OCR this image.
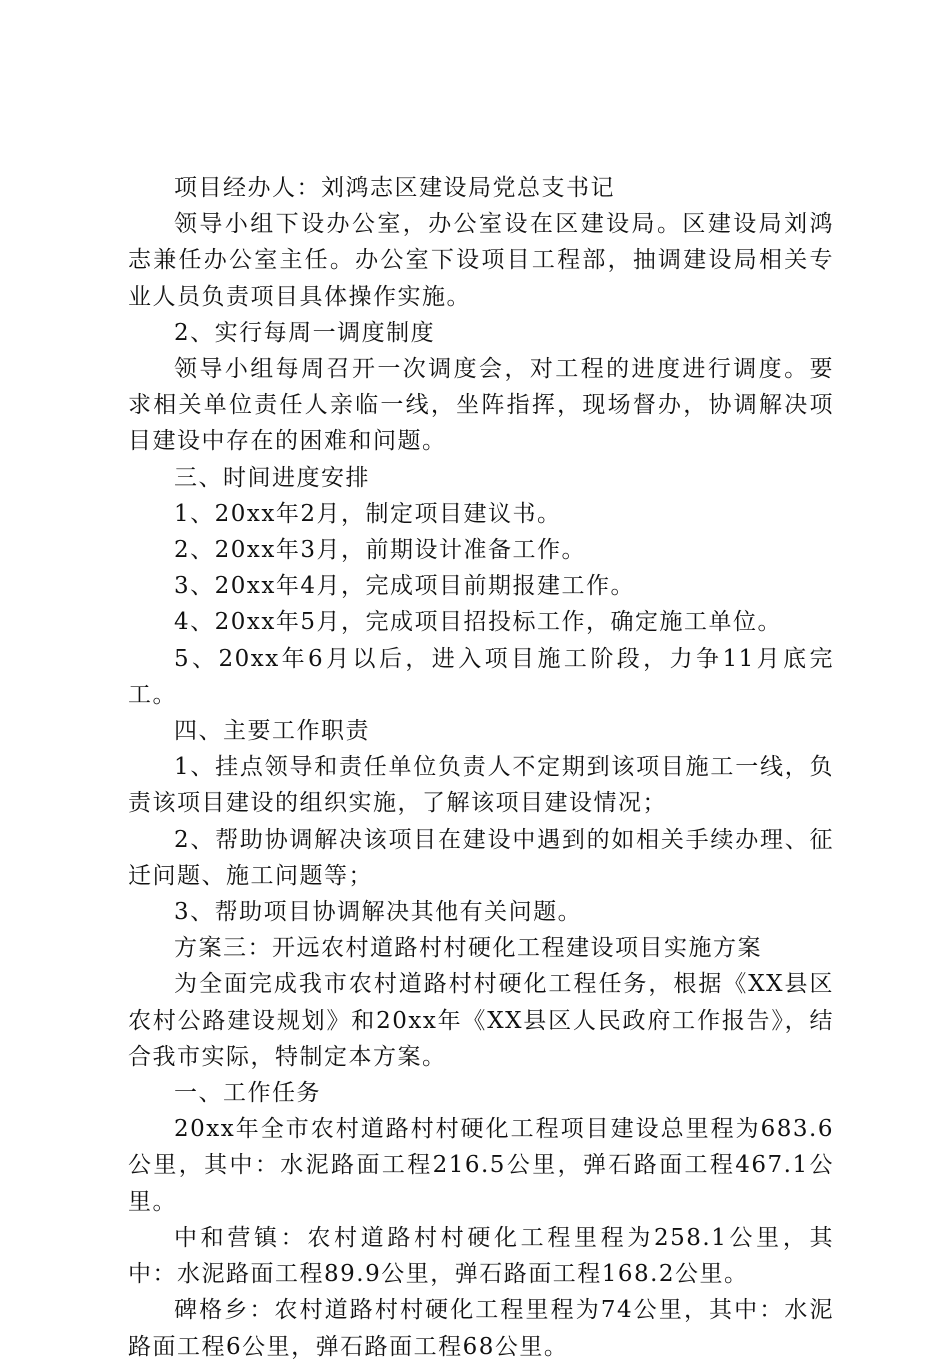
项目经办人：刘鸿志区建设局党总支书记

领导小组下设办公室，办公室设在区建设局。区建设局刘鸿志兼任办公室主任。办公室下设项目工程部，抽调建设局相关专业人员负责项目具体操作实施。

2、实行每周一调度制度

领导小组每周召开一次调度会，对工程的进度进行调度。要求相关单位责任人亲临一线，坐阵指挥，现场督办，协调解决项目建设中存在的困难和问题。

三、时间进度安排

1、20xx年2月，制定项目建议书。

2、20xx年3月，前期设计准备工作。

3、20xx年4月，完成项目前期报建工作。

4、20xx年5月，完成项目招投标工作，确定施工单位。

5、20xx年6月以后，进入项目施工阶段，力争11月底完工。

四、主要工作职责

1、挂点领导和责任单位负责人不定期到该项目施工一线，负责该项目建设的组织实施，了解该项目建设情况；

2、帮助协调解决该项目在建设中遇到的如相关手续办理、征迁问题、施工问题等；

3、帮助项目协调解决其他有关问题。

方案三：开远农村道路村村硬化工程建设项目实施方案

为全面完成我市农村道路村村硬化工程任务，根据《XX县区农村公路建设规划》和20xx年《XX县区人民政府工作报告》，结合我市实际，特制定本方案。

一、工作任务

20xx年全市农村道路村村硬化工程项目建设总里程为683.6公里，其中：水泥路面工程216.5公里，弹石路面工程467.1公里。

中和营镇：农村道路村村硬化工程里程为258.1公里，其中：水泥路面工程89.9公里，弹石路面工程168.2公里。

碑格乡：农村道路村村硬化工程里程为74公里，其中：水泥路面工程6公里，弹石路面工程68公里。
